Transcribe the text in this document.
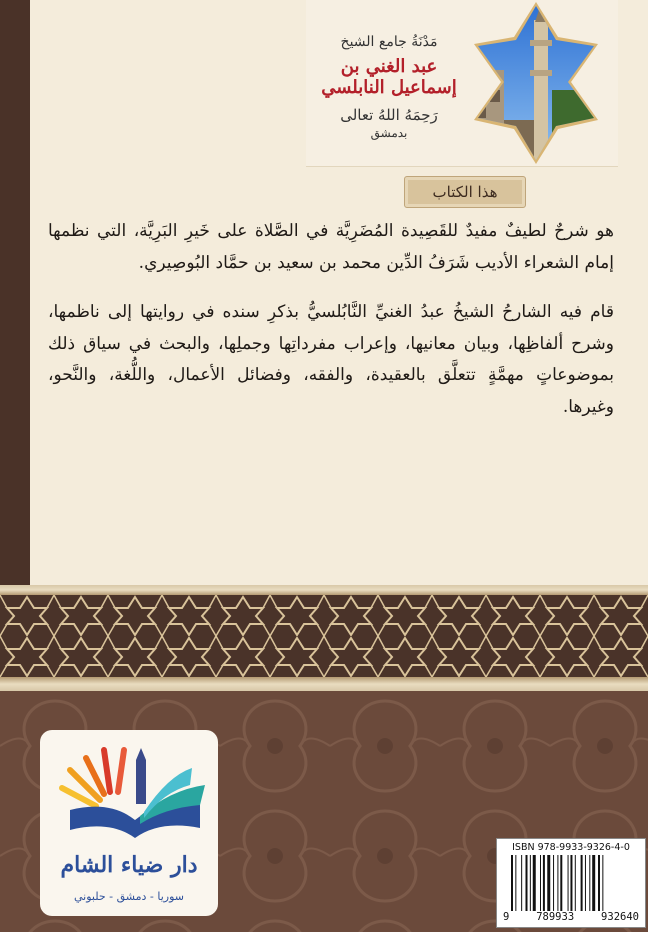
مَدْنَةُ جامع الشيخ
عبد الغني بن إسماعيل النابلسي
رَحِمَهُ اللهُ تعالى
بدمشق
هذا الكتاب
هو شرحٌ لطيفٌ مفيدٌ للقَصِيدة المُضَرِيَّة في الصَّلاة على خَيرِ البَرِيَّة، التي نظمها إمام الشعراء الأديب شَرَفُ الدِّين محمد بن سعيد بن حمَّاد البُوصِيري.
قام فيه الشارحُ الشيخُ عبدُ الغنيِّ النَّابُلسيُّ بذكرِ سنده في روايتها إلى ناظمها، وشرح ألفاظِها، وبيان معانيها، وإعراب مفرداتِها وجملِها، والبحث في سياق ذلك بموضوعاتٍ مهمَّةٍ تتعلَّق بالعقيدة، والفقه، وفضائل الأعمال، واللُّغة، والنَّحو، وغيرها.
دار ضياء الشام
سوريا - دمشق - حلبوني
ISBN 978-9933-9326-4-0
9	789933	932640
